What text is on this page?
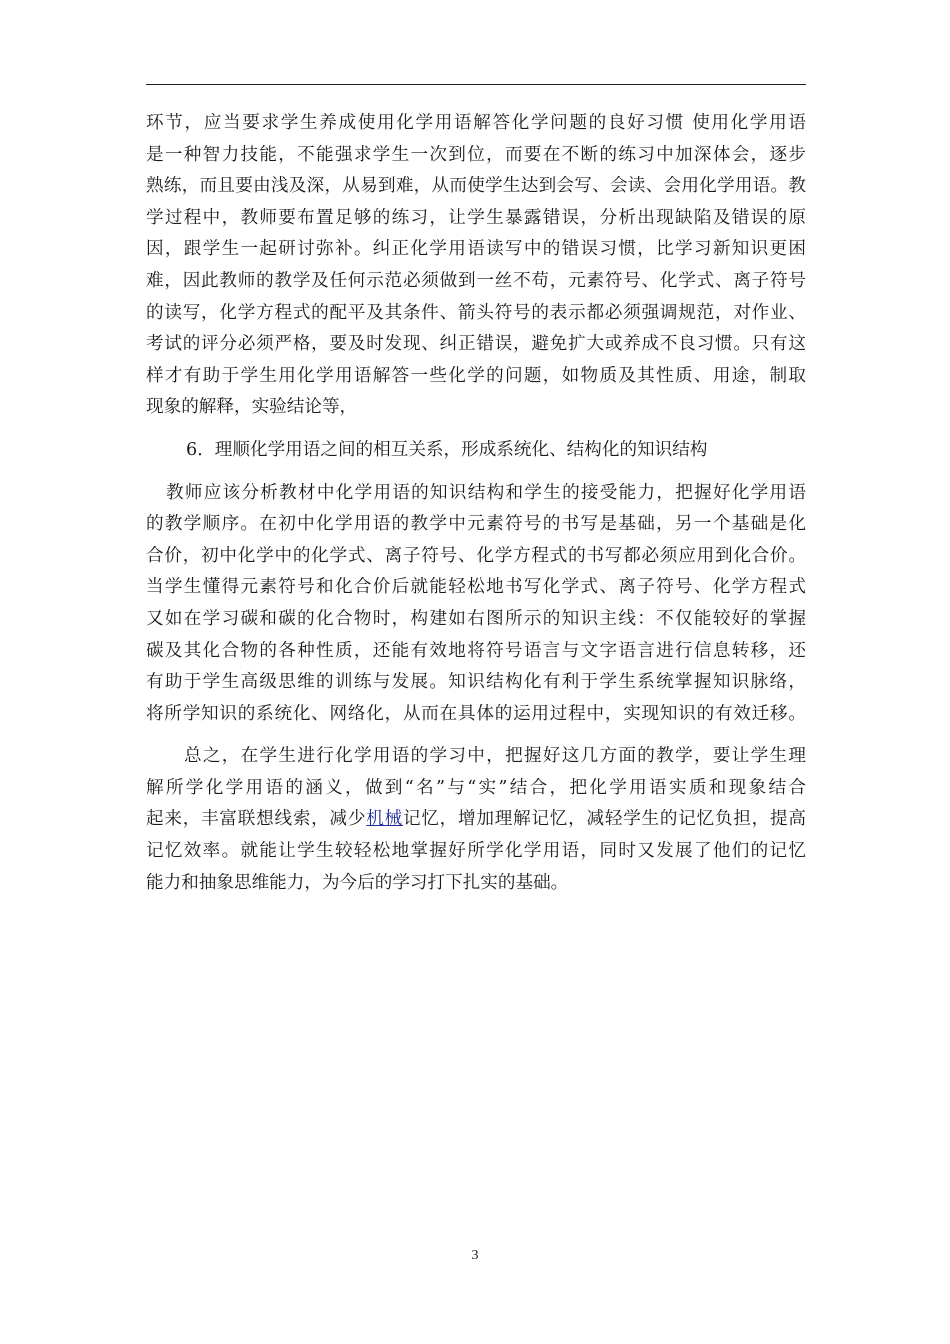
环节，应当要求学生养成使用化学用语解答化学问题的良好习惯 使用化学用语
是一种智力技能，不能强求学生一次到位，而要在不断的练习中加深体会，逐步
熟练，而且要由浅及深，从易到难，从而使学生达到会写、会读、会用化学用语。教
学过程中，教师要布置足够的练习，让学生暴露错误，分析出现缺陷及错误的原
因，跟学生一起研讨弥补。纠正化学用语读写中的错误习惯，比学习新知识更困
难，因此教师的教学及任何示范必须做到一丝不苟，元素符号、化学式、离子符号
的读写，化学方程式的配平及其条件、箭头符号的表示都必须强调规范，对作业、
考试的评分必须严格，要及时发现、纠正错误，避免扩大或养成不良习惯。只有这
样才有助于学生用化学用语解答一些化学的问题，如物质及其性质、用途，制取
现象的解释，实验结论等，
6．理顺化学用语之间的相互关系，形成系统化、结构化的知识结构
教师应该分析教材中化学用语的知识结构和学生的接受能力，把握好化学用语
的教学顺序。在初中化学用语的教学中元素符号的书写是基础，另一个基础是化
合价，初中化学中的化学式、离子符号、化学方程式的书写都必须应用到化合价。
当学生懂得元素符号和化合价后就能轻松地书写化学式、离子符号、化学方程式
又如在学习碳和碳的化合物时，构建如右图所示的知识主线：不仅能较好的掌握
碳及其化合物的各种性质，还能有效地将符号语言与文字语言进行信息转移，还
有助于学生高级思维的训练与发展。知识结构化有利于学生系统掌握知识脉络，
将所学知识的系统化、网络化，从而在具体的运用过程中，实现知识的有效迁移。
总之，在学生进行化学用语的学习中，把握好这几方面的教学，要让学生理
解所学化学用语的涵义，做到“名”与“实”结合，把化学用语实质和现象结合
起来，丰富联想线索，减少机械记忆，增加理解记忆，减轻学生的记忆负担，提高
记忆效率。就能让学生较轻松地掌握好所学化学用语，同时又发展了他们的记忆
能力和抽象思维能力，为今后的学习打下扎实的基础。
3
